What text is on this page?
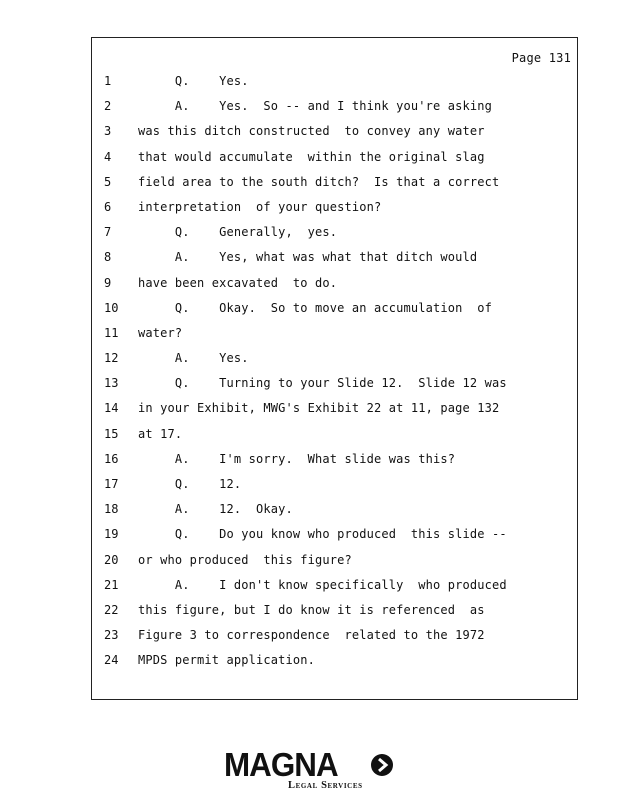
Page 131
1	Q.    Yes.
2	A.    Yes.  So -- and I think you're asking
3	was this ditch constructed  to convey any water
4	that would accumulate  within the original slag
5	field area to the south ditch?  Is that a correct
6	interpretation  of your question?
7	Q.    Generally,  yes.
8	A.    Yes, what was what that ditch would
9	have been excavated  to do.
10 Q.    Okay.  So to move an accumulation  of
11 water?
12 A.    Yes.
13 Q.    Turning to your Slide 12.  Slide 12 was
14 in your Exhibit, MWG's Exhibit 22 at 11, page 132
15 at 17.
16 A.    I'm sorry.  What slide was this?
17 Q.    12.
18 A.    12.  Okay.
19 Q.    Do you know who produced  this slide --
20 or who produced  this figure?
21 A.    I don't know specifically  who produced
22 this figure, but I do know it is referenced  as
23 Figure 3 to correspondence  related to the 1972
24 MPDS permit application.
MAGNA
Legal Services
